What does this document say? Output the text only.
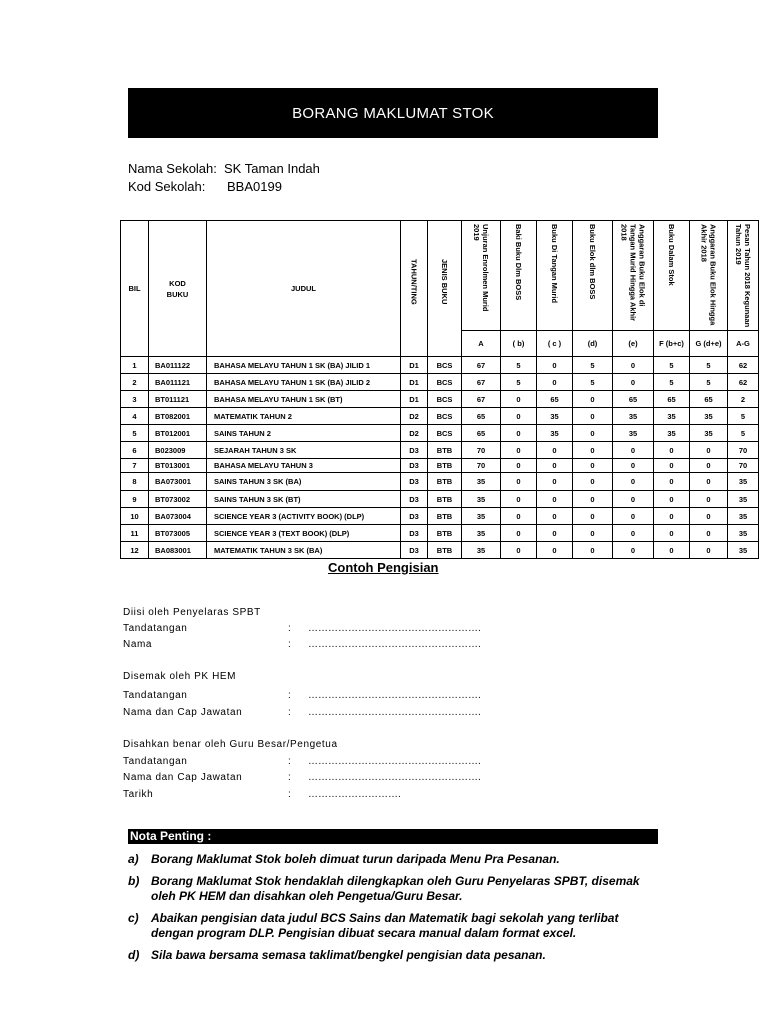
BORANG MAKLUMAT STOK
Nama Sekolah: SK Taman Indah
Kod Sekolah: BBA0199
BIL	KOD BUKU	JUDUL	TAHUN/TING	JENIS BUKU	Unjuran Enrolmen Murid 2019	Baki Buku Dlm BOSS	Buku Di Tangan Murid	Buku Elok dlm BOSS	Anggaran Buku Elok di Tangan Murid Hingga Akhir 2018	Buku Dalam Stok	Anggaran Buku Elok Hingga Akhir 2018	Pesan Tahun 2018 Kegunaan Tahun 2019

					A	( b)	( c )	(d)	(e)	F (b+c)	G (d+e)	A-G
1	BA011122	BAHASA MELAYU TAHUN 1 SK (BA) JILID 1	D1	BCS	67	5	0	5	0	5	5	62
2	BA011121	BAHASA MELAYU TAHUN 1 SK (BA) JILID 2	D1	BCS	67	5	0	5	0	5	5	62
3	BT011121	BAHASA MELAYU TAHUN 1 SK (BT)	D1	BCS	67	0	65	0	65	65	65	2
4	BT082001	MATEMATIK TAHUN 2	D2	BCS	65	0	35	0	35	35	35	5
5	BT012001	SAINS TAHUN 2	D2	BCS	65	0	35	0	35	35	35	5
6	B023009	SEJARAH TAHUN 3 SK	D3	BTB	70	0	0	0	0	0	0	70
7	BT013001	BAHASA MELAYU TAHUN 3	D3	BTB	70	0	0	0	0	0	0	70
8	BA073001	SAINS TAHUN 3 SK (BA)	D3	BTB	35	0	0	0	0	0	0	35
9	BT073002	SAINS TAHUN 3 SK (BT)	D3	BTB	35	0	0	0	0	0	0	35
10	BA073004	SCIENCE YEAR 3 (ACTIVITY BOOK) (DLP)	D3	BTB	35	0	0	0	0	0	0	35
11	BT073005	SCIENCE YEAR 3 (TEXT BOOK) (DLP)	D3	BTB	35	0	0	0	0	0	0	35
12	BA083001	MATEMATIK TAHUN 3 SK (BA)	D3	BTB	35	0	0	0	0	0	0	35
Contoh Pengisian
Diisi oleh Penyelaras SPBT
Tandatangan	: …………………………………………….
Nama	: …………………………………………….
Disemak oleh PK HEM
Tandatangan	: …………………………………………….
Nama dan Cap Jawatan	: …………………………………………….
Disahkan benar oleh Guru Besar/Pengetua
Tandatangan	: …………………………………………….
Nama dan Cap Jawatan	: …………………………………………….
Tarikh	: ……………………….
Nota Penting :
a) Borang Maklumat Stok boleh dimuat turun daripada Menu Pra Pesanan.
b) Borang Maklumat Stok hendaklah dilengkapkan oleh Guru Penyelaras SPBT, disemak oleh PK HEM dan disahkan oleh Pengetua/Guru Besar.
c) Abaikan pengisian data judul BCS Sains dan Matematik bagi sekolah yang terlibat dengan program DLP. Pengisian dibuat secara manual dalam format excel.
d) Sila bawa bersama semasa taklimat/bengkel pengisian data pesanan.
